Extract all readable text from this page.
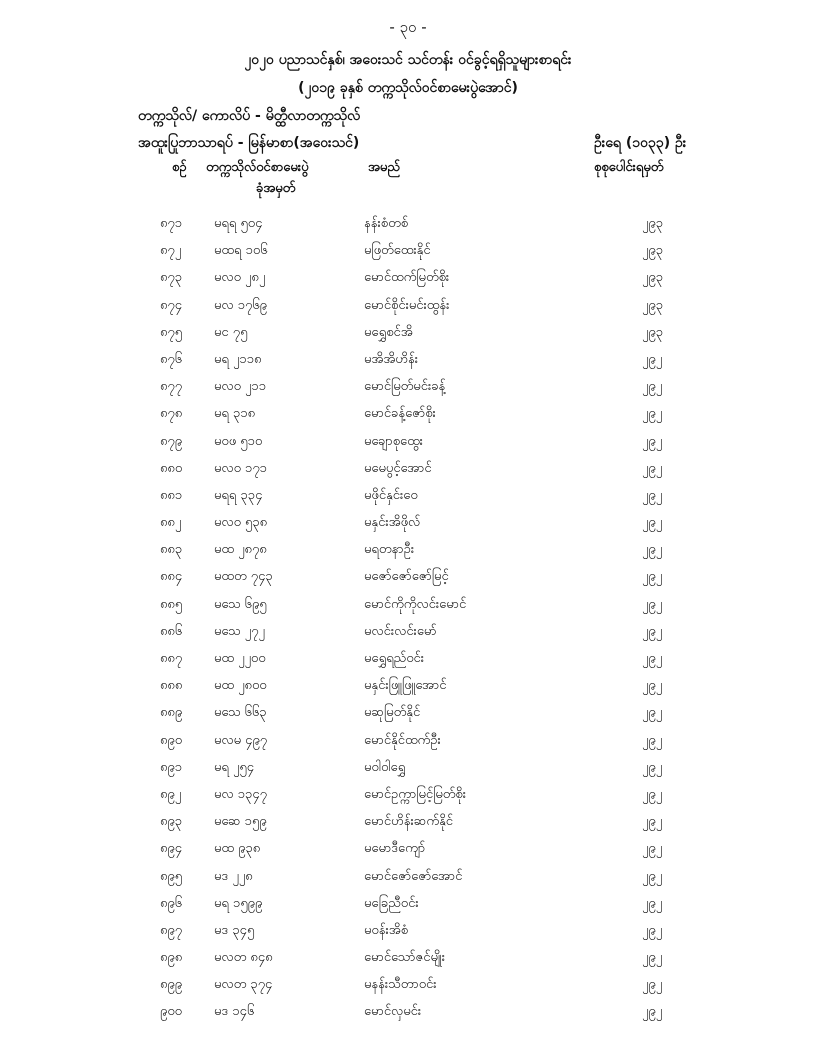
- ၃၀ -
၂၀၂၀ ပညာသင်နှစ်၊ အဝေးသင် သင်တန်း ဝင်ခွင့်ရရှိသူများစာရင်း
(၂၀၁၉ ခုနှစ် တက္ကသိုလ်ဝင်စာမေးပွဲအောင်)
တက္ကသိုလ်/ ကောလိပ် - မိတ္ထီလာတက္ကသိုလ်
အထူးပြုဘာသာရပ် - မြန်မာစာ(အဝေးသင်)	ဦးရေ (၁၀၃၃) ဦး
စဉ် တက္ကသိုလ်ဝင်စာမေးပွဲ
ခုံအမှတ်
အမည်	စုစုပေါင်းရမှတ်
၈၇၁ မရရ ၅၀၄	နန်းစံတစ်	၂၉၃
၈၇၂	မထရ ၁၀၆	မဖြတ်ထေးနိုင်	၂၉၃
၈၇၃ မလဝ ၂၈၂	မောင်ထက်မြတ်စိုး	၂၉၃
၈၇၄ မလ ၁၇၆၉	မောင်စိုင်းမင်းထွန်း	၂၉၃
၈၇၅ မင ၇၅	မရွှေစင်အိ	၂၉၃
၈၇၆ မရ ၂၁၁၈	မအိအိဟိန်း	၂၉၂
၈၇၇ မလဝ ၂၁၁	မောင်မြတ်မင်းခန့်	၂၉၂
၈၇၈ မရ ၃၁၈	မောင်ခန့်ဇော်စိုး	၂၉၂
၈၇၉ မဝဖ ၅၁၀	မချောစုထွေး	၂၉၂
၈၈၀ မလဝ ၁၇၁	မမေပွင့်အောင်	၂၉၂
၈၈၁ မရရ ၃၃၄	မဖိုင်နှင်းဝေ	၂၉၂
၈၈၂	မလဝ ၅၃၈	မနှင်းအိဖိုလ်	၂၉၂
၈၈၃ မထ ၂၈၇၈	မရတနာဦး	၂၉၂
၈၈၄ မထတ ၇၄၃	မဇော်ဇော်ဇော်မြင့်	၂၉၂
၈၈၅ မသေ ၆၉၅	မောင်ကိုကိုလင်းမောင်	၂၉၂
၈၈၆ မသေ ၂၇၂	မလင်းလင်းမော်	၂၉၂
၈၈၇ မထ ၂၂၀၀	မရွှေရည်ဝင်း	၂၉၂
၈၈၈ မထ ၂၈၀၀	မနှင်းဖြူဖြူအောင်	၂၉၂
၈၈၉ မသေ ၆၆၃	မဆုမြတ်နိုင်	၂၉၂
၈၉၀ မလမ ၄၉၇	မောင်နိုင်ထက်ဦး	၂၉၂
၈၉၁ မရ ၂၅၄	မဝါဝါရွှေ	၂၉၂
၈၉၂	မလ ၁၃၄၇	မောင်ဥက္ကာမြင့်မြတ်စိုး	၂၉၂
၈၉၃ မဆေ ၁၅၉	မောင်ဟိန်းဆက်နိုင်	၂၉၂
၈၉၄ မထ ၉၃၈	မမောဒီကျော်	၂၉၂
၈၉၅ မဒ ၂၂၈	မောင်ဇော်ဇော်အောင်	၂၉၂
၈၉၆ မရ ၁၅၉၉	မခြေညီဝင်း	၂၉၂
၈၉၇ မဒ ၃၄၅	မဝန်းအိစံ	၂၉၂
၈၉၈ မလတ ၈၄၈	မောင်သော်ဇင်မျိုး	၂၉၂
၈၉၉ မလတ ၃၇၄	မနန်းသီတာဝင်း	၂၉၂
၉၀၀ မဒ ၁၄၆	မောင်လှမင်း	၂၉၂
